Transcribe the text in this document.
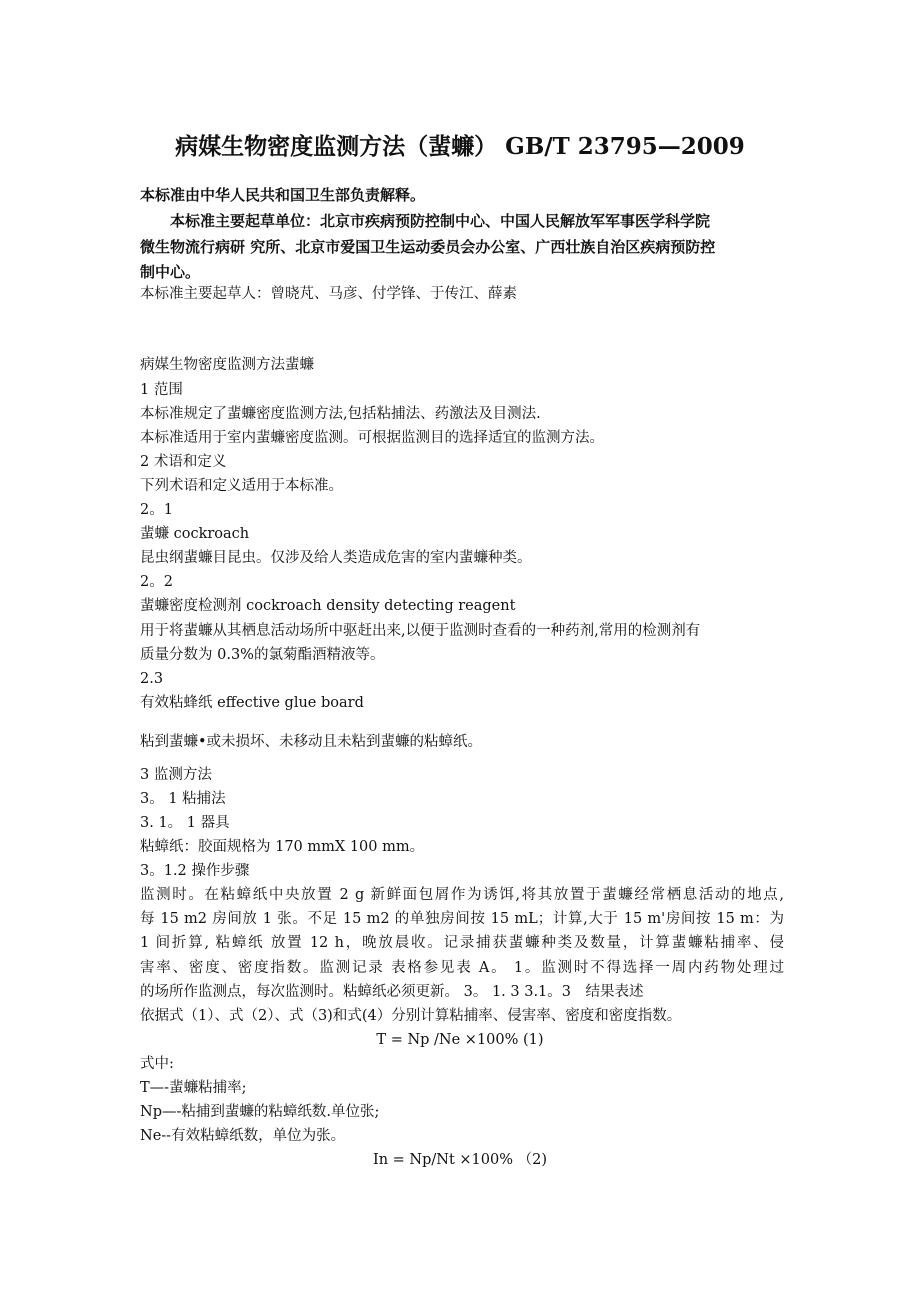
病媒生物密度监测方法（蜚蠊） GB/T 23795—2009
本标准由中华人民共和国卫生部负责解释。
　　本标准主要起草单位：北京市疾病预防控制中心、中国人民解放军军事医学科学院
微生物流行病研 究所、北京市爱国卫生运动委员会办公室、广西壮族自治区疾病预防控
制中心。
本标准主要起草人：曾晓芃、马彦、付学锋、于传江、薛素
病媒生物密度监测方法蜚蠊
1 范围
本标准规定了蜚蠊密度监测方法,包括粘捕法、药激法及目测法.
本标准适用于室内蜚蠊密度监测。可根据监测目的选择适宜的监测方法。
2 术语和定义
下列术语和定义适用于本标准。
2。1
蜚蠊 cockroach
昆虫纲蜚蠊目昆虫。仅涉及给人类造成危害的室内蜚蠊种类。
2。2
蜚蠊密度检测剂 cockroach density detecting reagent
用于将蜚蠊从其栖息活动场所中驱赶出来,以便于监测时查看的一种药剂,常用的检测剂有
质量分数为 0.3%的氯菊酯酒精液等。
2.3
有效粘蜂纸 effective glue board
粘到蜚蠊•或未损坏、未移动且未粘到蜚蠊的粘蟑纸。
3 监测方法
3。 1 粘捕法
3. 1。 1 器具
粘蟑纸：胶面规格为 170 mmX 100 mm。
3。1.2 操作步骤
监测时。在粘蟑纸中央放置 2 g 新鲜面包屑作为诱饵,将其放置于蜚蠊经常栖息活动的地点,
每 15 m2 房间放 1 张。不足 15 m2 的单独房间按 15 mL；计算,大于 15 m'房间按 15 m：为
1 间折算, 粘蟑纸 放置 12 h，晚放晨收。记录捕获蜚蠊种类及数量，计算蜚蠊粘捕率、侵
害率、密度、密度指数。监测记录 表格参见表 A。 1。监测时不得选择一周内药物处理过
的场所作监测点，每次监测时。粘蟑纸必须更新。 3。 1. 3 3.1。3　结果表述
依据式（1）、式（2）、式（3)和式(4）分别计算粘捕率、侵害率、密度和密度指数。
T = Np /Ne ×100% (1)
式中:
T—-蜚蠊粘捕率;
Np—-粘捕到蜚蠊的粘蟑纸数.单位张;
Ne--有效粘蟑纸数，单位为张。
In = Np/Nt ×100% （2)
